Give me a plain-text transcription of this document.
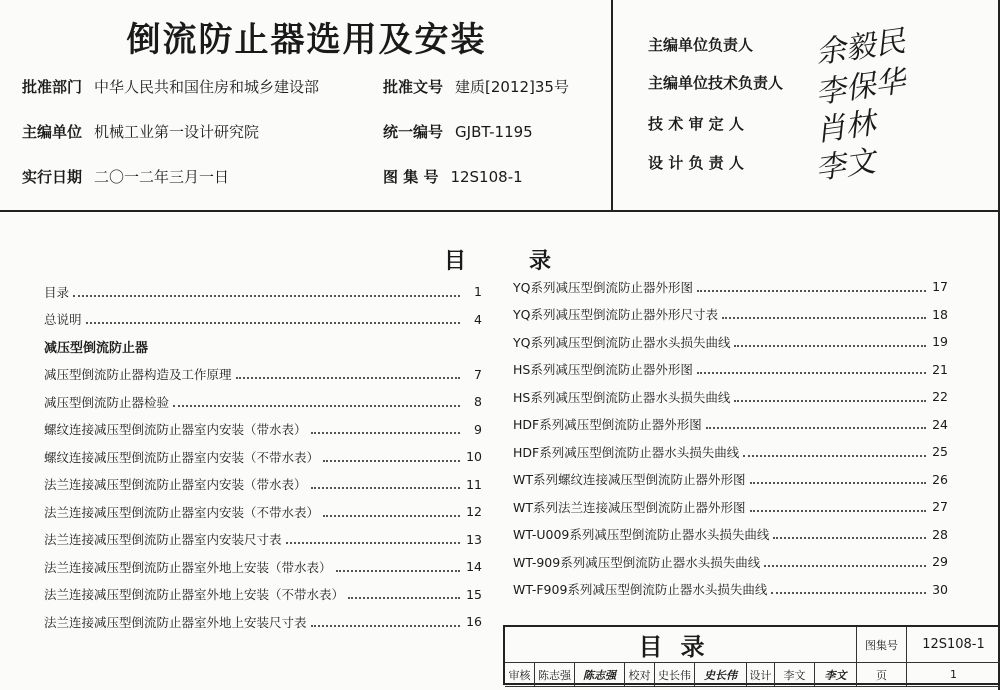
倒流防止器选用及安装
批准部门 中华人民共和国住房和城乡建设部	批准文号 建质[2012]35号
主编单位 机械工业第一设计研究院	统一编号 GJBT-1195
实行日期 二〇一二年三月一日	图 集 号 12S108-1
主编单位负责人 余毅民
主编单位技术负责人 李保华
技 术 审 定 人 肖林
设 计 负 责 人 李文
目	录
目录	1
总说明	4
减压型倒流防止器
减压型倒流防止器构造及工作原理	7
减压型倒流防止器检验	8
螺纹连接减压型倒流防止器室内安装（带水表）	9
螺纹连接减压型倒流防止器室内安装（不带水表）	10
法兰连接减压型倒流防止器室内安装（带水表）	11
法兰连接减压型倒流防止器室内安装（不带水表）	12
法兰连接减压型倒流防止器室内安装尺寸表	13
法兰连接减压型倒流防止器室外地上安装（带水表）	14
法兰连接减压型倒流防止器室外地上安装（不带水表）	15
法兰连接减压型倒流防止器室外地上安装尺寸表	16
YQ系列减压型倒流防止器外形图	17
YQ系列减压型倒流防止器外形尺寸表	18
YQ系列减压型倒流防止器水头损失曲线	19
HS系列减压型倒流防止器外形图	21
HS系列减压型倒流防止器水头损失曲线	22
HDF系列减压型倒流防止器外形图	24
HDF系列减压型倒流防止器水头损失曲线	25
WT系列螺纹连接减压型倒流防止器外形图	26
WT系列法兰连接减压型倒流防止器外形图	27
WT-U009系列减压型倒流防止器水头损失曲线	28
WT-909系列减压型倒流防止器水头损失曲线	29
WT-F909系列减压型倒流防止器水头损失曲线	30
目录	图集号	12S108-1
审核 陈志强	陈志强	校对 史长伟	史长伟	设计	李文	李文	页	1
